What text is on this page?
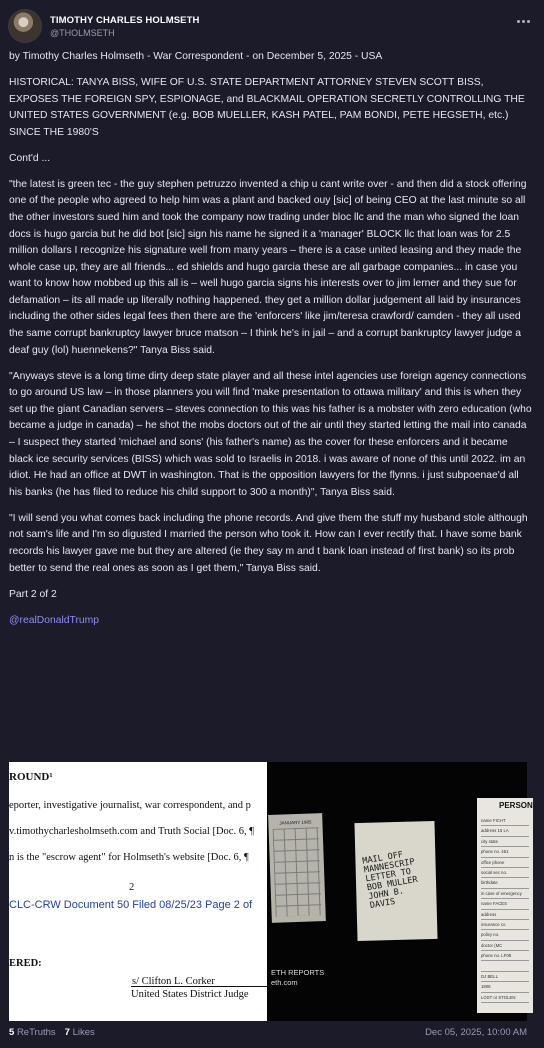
TIMOTHY CHARLES HOLMSETH
@THOLMSETH

by Timothy Charles Holmseth - War Correspondent - on December 5, 2025 - USA

HISTORICAL: TANYA BISS, WIFE OF U.S. STATE DEPARTMENT ATTORNEY STEVEN SCOTT BISS, EXPOSES THE FOREIGN SPY, ESPIONAGE, and BLACKMAIL OPERATION SECRETLY CONTROLLING THE UNITED STATES GOVERNMENT (e.g. BOB MUELLER, KASH PATEL, PAM BONDI, PETE HEGSETH, etc.) SINCE THE 1980'S

Cont'd ...

"the latest is green tec - the guy stephen petruzzo invented a chip u cant write over - and then did a stock offering one of the people who agreed to help him was a plant and backed ouy [sic] of being CEO at the last minute so all the other investors sued him and took the company now trading under bloc llc and the man who signed the loan docs is hugo garcia but he did bot [sic] sign his name he signed it a 'manager' BLOCK llc that loan was for 2.5 million dollars I recognize his signature well from many years – there is a case united leasing and they made the whole case up, they are all friends... ed shields and hugo garcia these are all garbage companies... in case you want to know how mobbed up this all is – well hugo garcia signs his interests over to jim lerner and they sue for defamation – its all made up literally nothing happened. they get a million dollar judgement all laid by insurances including the other sides legal fees then there are the 'enforcers' like jim/teresa crawford/ camden - they all used the same corrupt bankruptcy lawyer bruce matson – I think he's in jail – and a corrupt bankruptcy lawyer judge a deaf guy (lol) huennekens?" Tanya Biss said.

"Anyways steve is a long time dirty deep state player and all these intel agencies use foreign agency connections to go around US law – in those planners you will find 'make presentation to ottawa military' and this is when they set up the giant Canadian servers – steves connection to this was his father is a mobster with zero education (who became a judge in canada) – he shot the mobs doctors out of the air until they started letting the mail into canada – I suspect they started 'michael and sons' (his father's name) as the cover for these enforcers and it became black ice security services (BISS) which was sold to Israelis in 2018. i was aware of none of this until 2022. im an idiot. He had an office at DWT in washington. That is the opposition lawyers for the flynns. i just subpoenae'd all his banks (he has filed to reduce his child support to 300 a month)", Tanya Biss said.

"I will send you what comes back including the phone records. And give them the stuff my husband stole although not sam's life and I'm so digusted I married the person who took it. How can I ever rectify that. I have some bank records his lawyer gave me but they are altered (ie they say m and t bank loan instead of first bank) so its prob better to send the real ones as soon as I get them," Tanya Biss said.

Part 2 of 2

@realDonaldTrump

ROUND¹
eporter, investigative journalist, war correspondent, and p
v.timothycharlesholmseth.com and Truth Social [Doc. 6, ¶
n is the "escrow agent" for Holmseth's website [Doc. 6, ¶
2
CLC-CRW Document 50 Filed 08/25/23 Page 2 of
ERED:
s/ Clifton L. Corker
United States District Judge
JANUARY 1985
MAIL OFF MANNESCRIP LETTER TO BOB MULLER JOHN B. DAVIS
PERSON
name FICHT
address 15 LA
city state
phone no. 451
office phone
social sec no.
birthdate
in case of emergency
name FACES
address
insurance co
policy no.
doctor (MC
phone no. LF08
DJ BELL
1808
LOST or STOLEN
ETH REPORTS
eth.com
5 ReTruths 7 Likes	Dec 05, 2025, 10:00 AM
